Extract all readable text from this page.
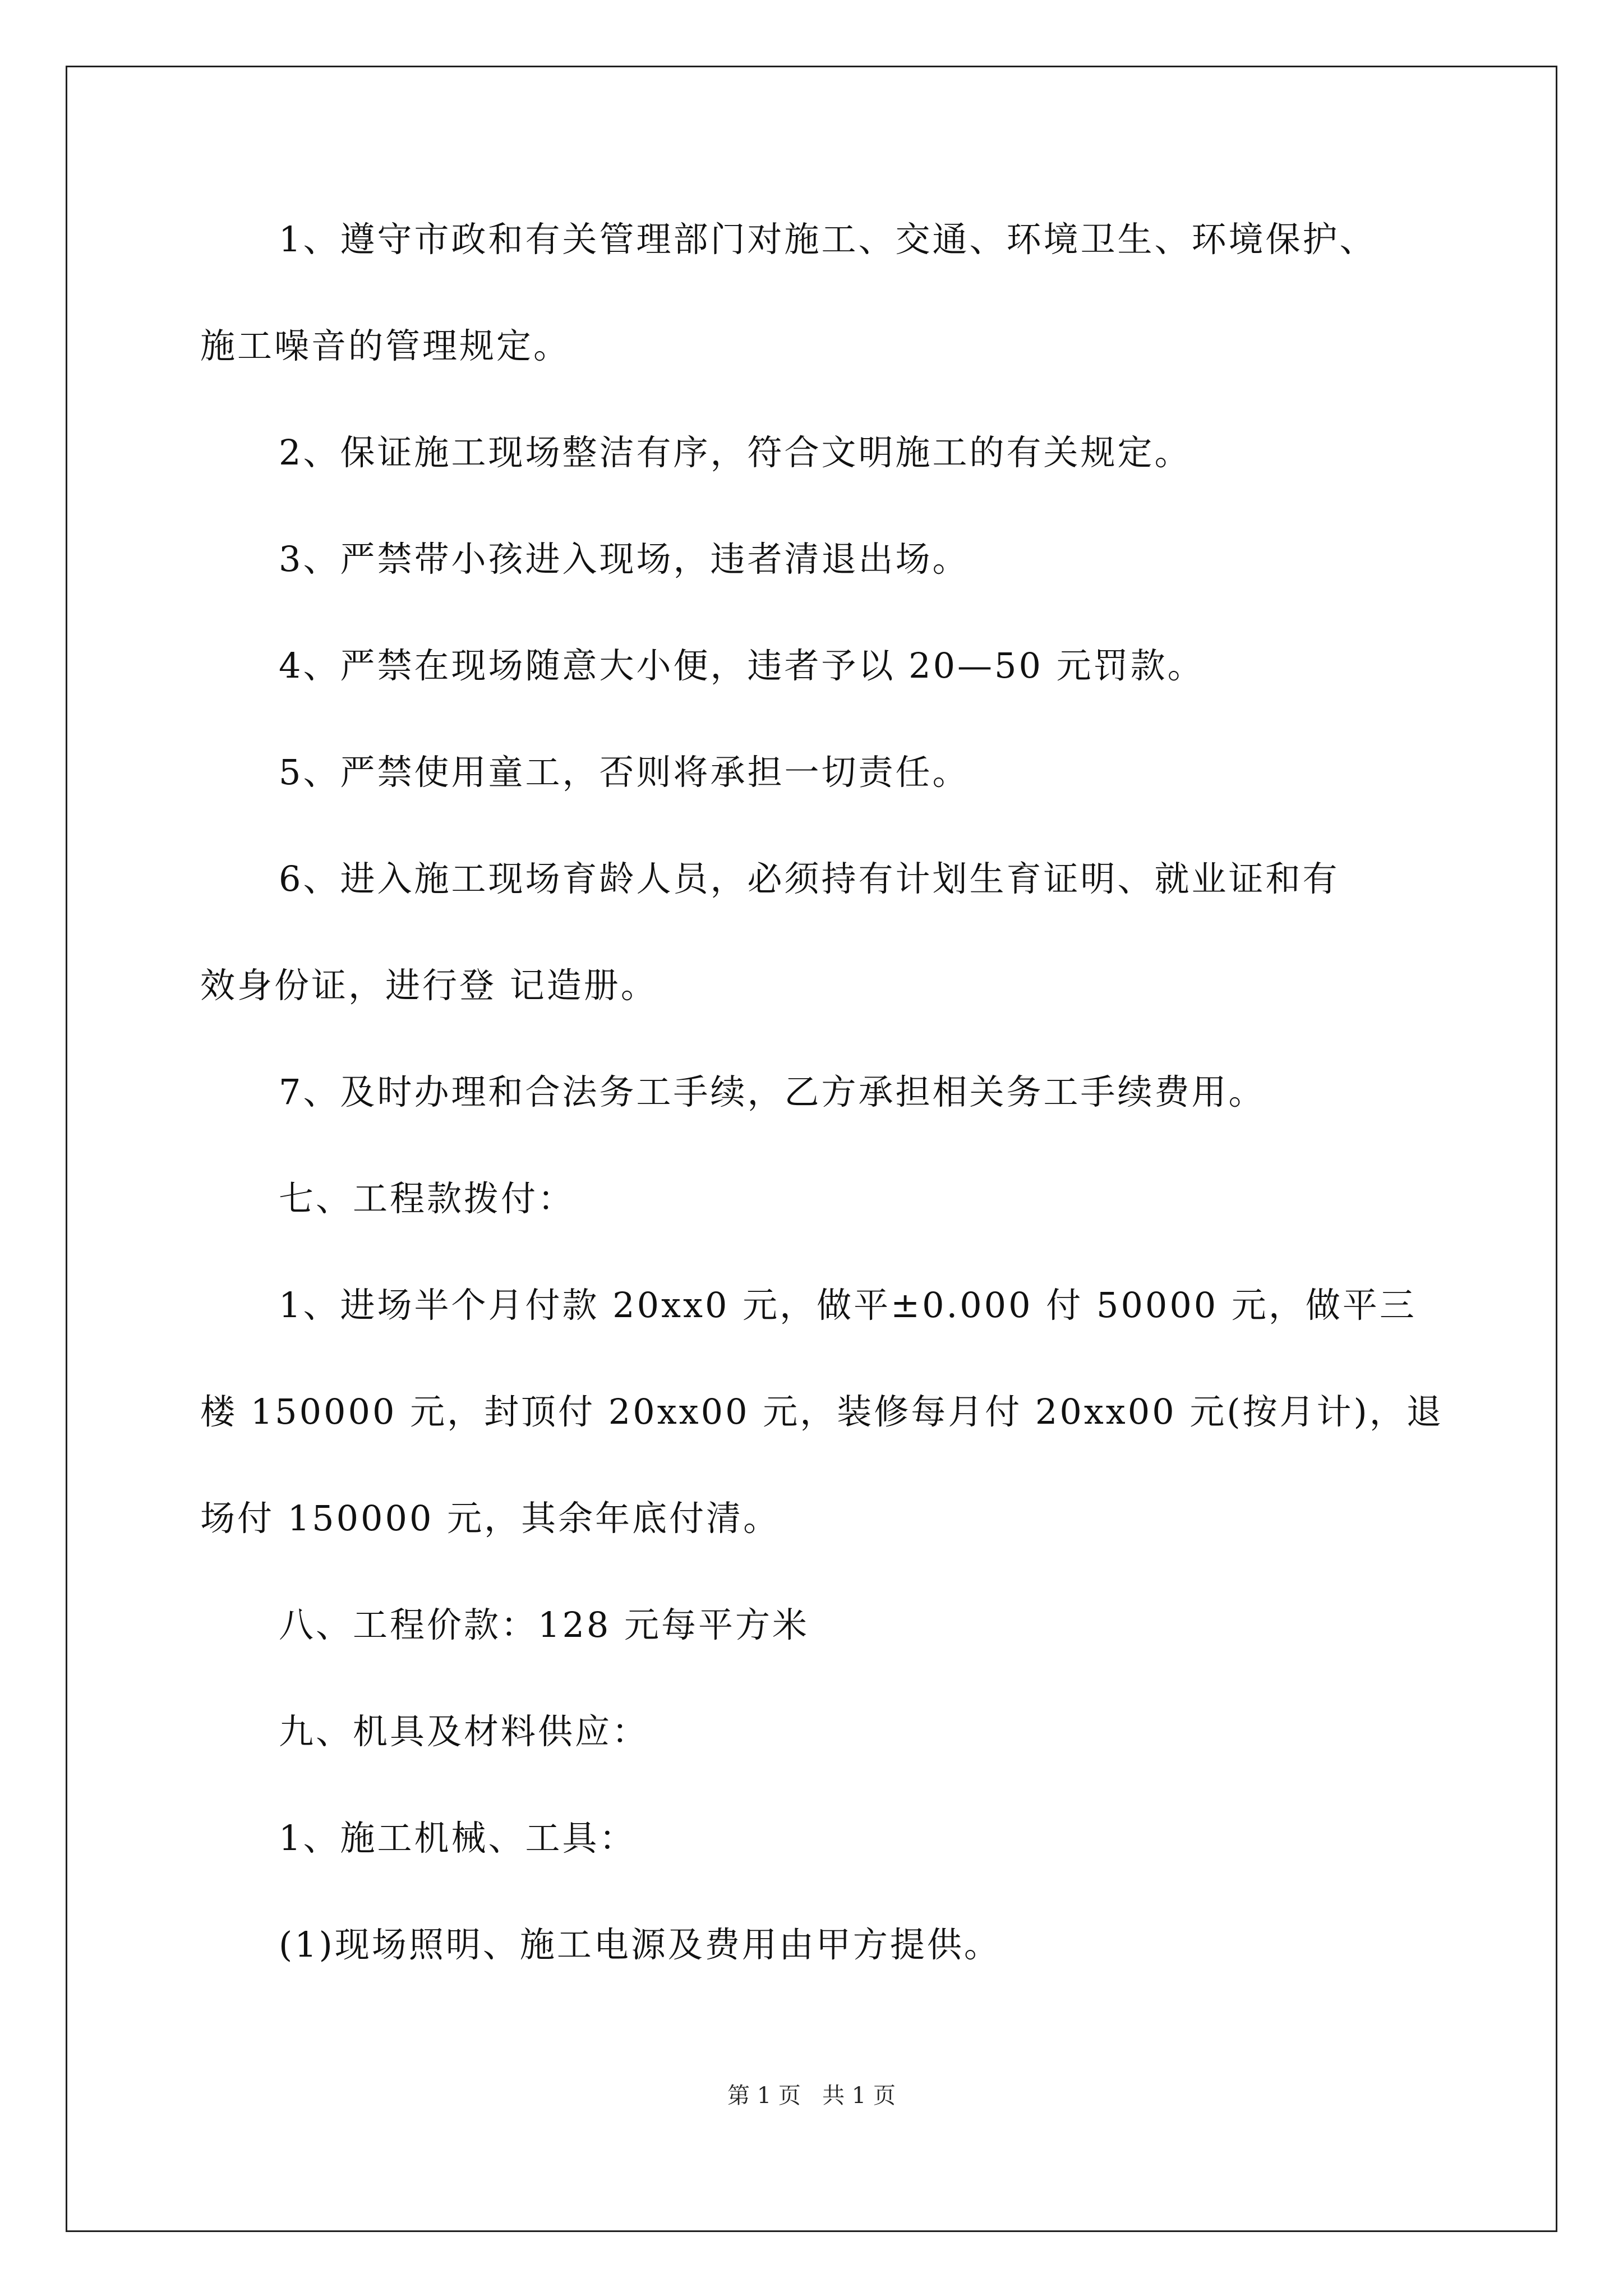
1、遵守市政和有关管理部门对施工、交通、环境卫生、环境保护、
施工噪音的管理规定。
2、保证施工现场整洁有序，符合文明施工的有关规定。
3、严禁带小孩进入现场，违者清退出场。
4、严禁在现场随意大小便，违者予以 20—50 元罚款。
5、严禁使用童工，否则将承担一切责任。
6、进入施工现场育龄人员，必须持有计划生育证明、就业证和有
效身份证，进行登 记造册。
7、及时办理和合法务工手续，乙方承担相关务工手续费用。
七、工程款拨付：
1、进场半个月付款 20xx0 元，做平±0.000 付 50000 元，做平三
楼 150000 元，封顶付 20xx00 元，装修每月付 20xx00 元(按月计)，退
场付 150000 元，其余年底付清。
八、工程价款：128 元每平方米
九、机具及材料供应：
1、施工机械、工具：
(1)现场照明、施工电源及费用由甲方提供。
第 1 页   共 1 页
